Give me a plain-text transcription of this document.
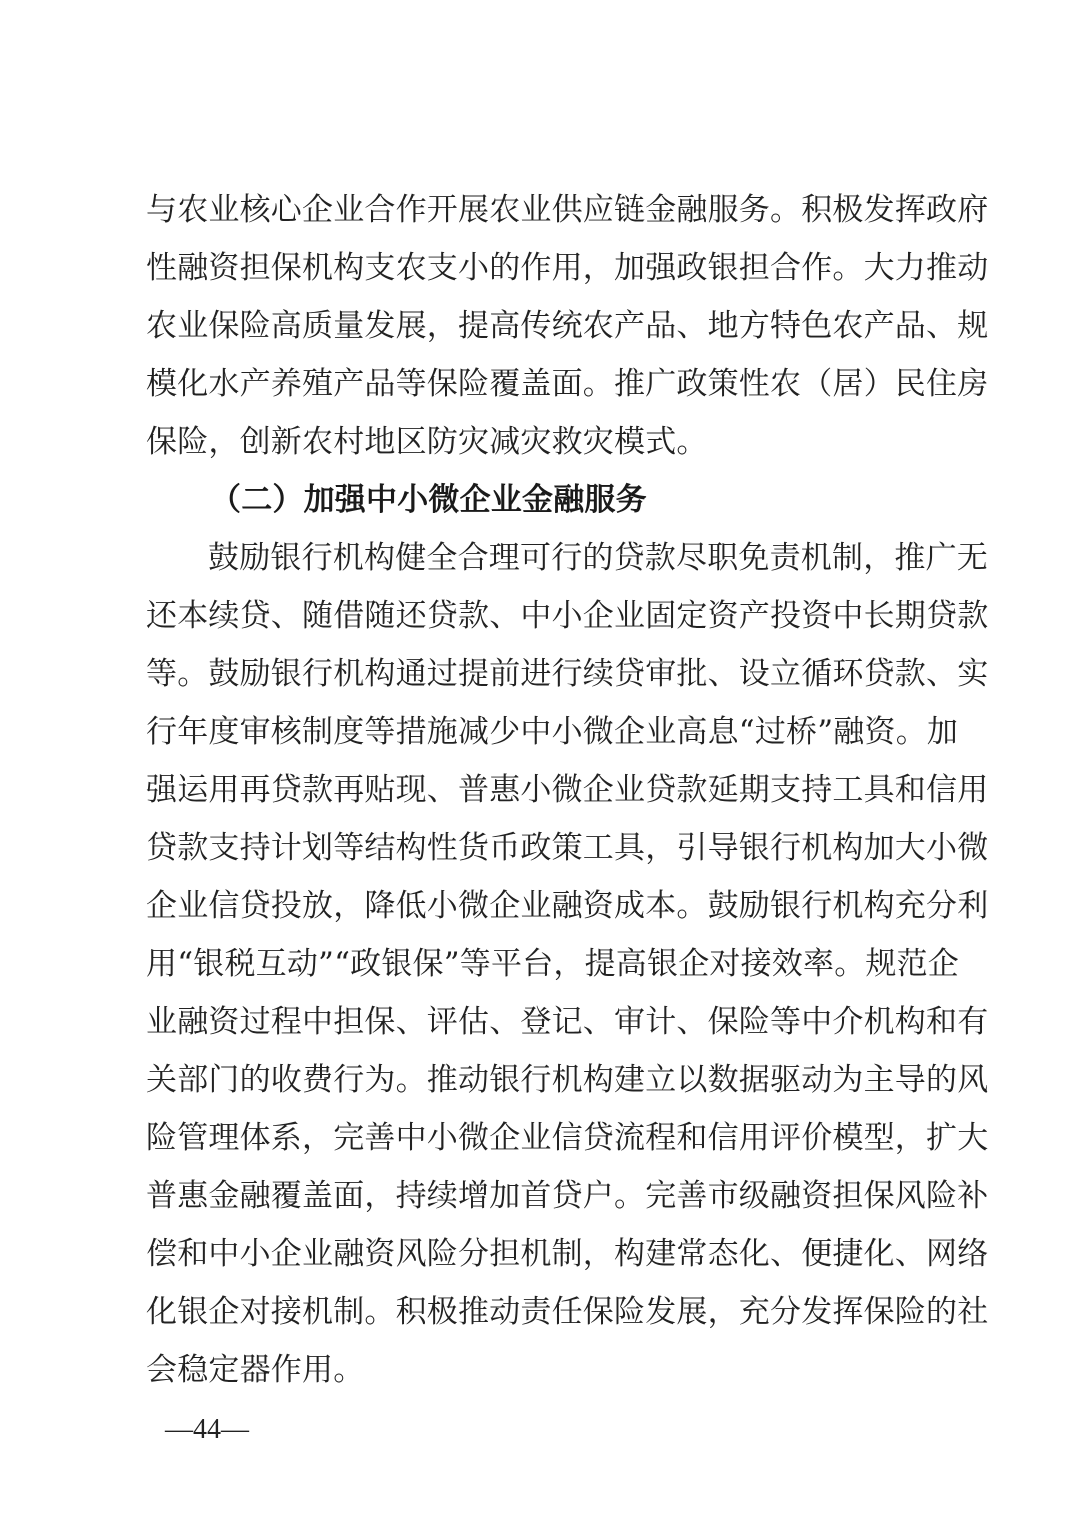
与农业核心企业合作开展农业供应链金融服务。积极发挥政府
性融资担保机构支农支小的作用，加强政银担合作。大力推动
农业保险高质量发展，提高传统农产品、地方特色农产品、规
模化水产养殖产品等保险覆盖面。推广政策性农（居）民住房
保险，创新农村地区防灾减灾救灾模式。
（二）加强中小微企业金融服务
鼓励银行机构健全合理可行的贷款尽职免责机制，推广无
还本续贷、随借随还贷款、中小企业固定资产投资中长期贷款
等。鼓励银行机构通过提前进行续贷审批、设立循环贷款、实
行年度审核制度等措施减少中小微企业高息“过桥”融资。加
强运用再贷款再贴现、普惠小微企业贷款延期支持工具和信用
贷款支持计划等结构性货币政策工具，引导银行机构加大小微
企业信贷投放，降低小微企业融资成本。鼓励银行机构充分利
用“银税互动”“政银保”等平台，提高银企对接效率。规范企
业融资过程中担保、评估、登记、审计、保险等中介机构和有
关部门的收费行为。推动银行机构建立以数据驱动为主导的风
险管理体系，完善中小微企业信贷流程和信用评价模型，扩大
普惠金融覆盖面，持续增加首贷户。完善市级融资担保风险补
偿和中小企业融资风险分担机制，构建常态化、便捷化、网络
化银企对接机制。积极推动责任保险发展，充分发挥保险的社
会稳定器作用。
—44—
